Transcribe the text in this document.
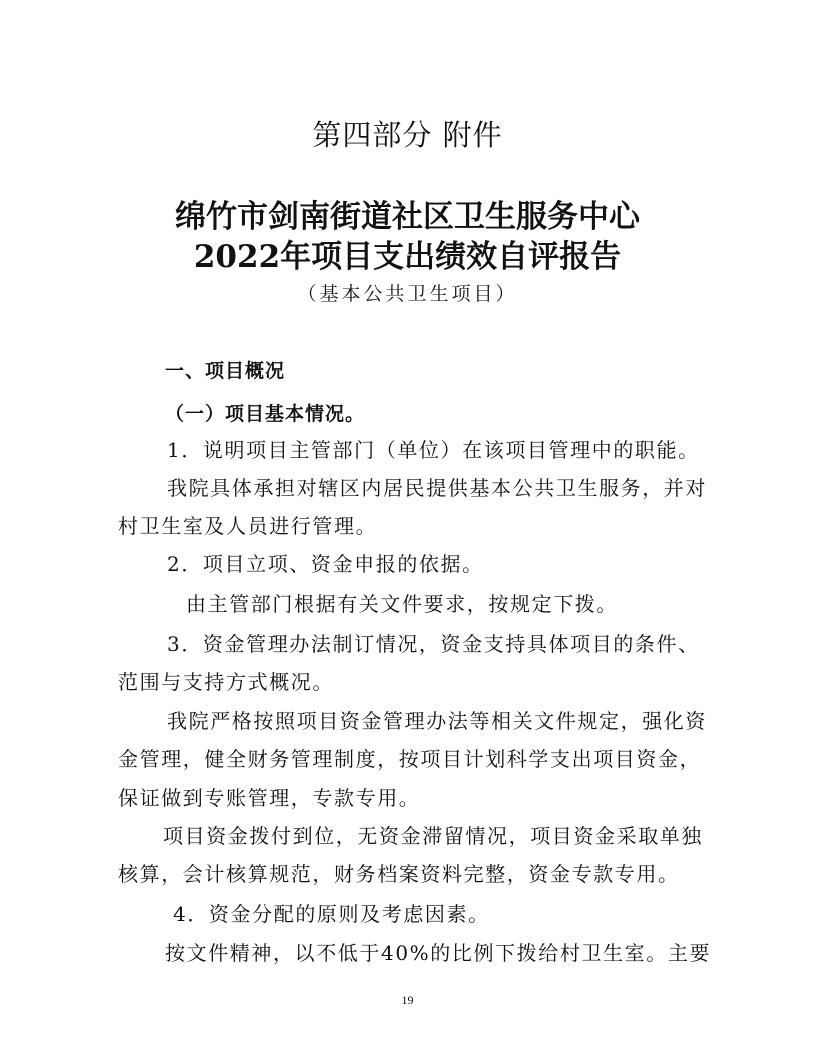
第四部分 附件
绵竹市剑南街道社区卫生服务中心
2022年项目支出绩效自评报告
（基本公共卫生项目）
一、项目概况
（一）项目基本情况。
1．说明项目主管部门（单位）在该项目管理中的职能。
我院具体承担对辖区内居民提供基本公共卫生服务，并对
村卫生室及人员进行管理。
2．项目立项、资金申报的依据。
由主管部门根据有关文件要求，按规定下拨。
3．资金管理办法制订情况，资金支持具体项目的条件、
范围与支持方式概况。
我院严格按照项目资金管理办法等相关文件规定，强化资
金管理，健全财务管理制度，按项目计划科学支出项目资金，
保证做到专账管理，专款专用。
项目资金拨付到位，无资金滞留情况，项目资金采取单独
核算，会计核算规范，财务档案资料完整，资金专款专用。
4．资金分配的原则及考虑因素。
按文件精神，以不低于40%的比例下拨给村卫生室。主要
19
